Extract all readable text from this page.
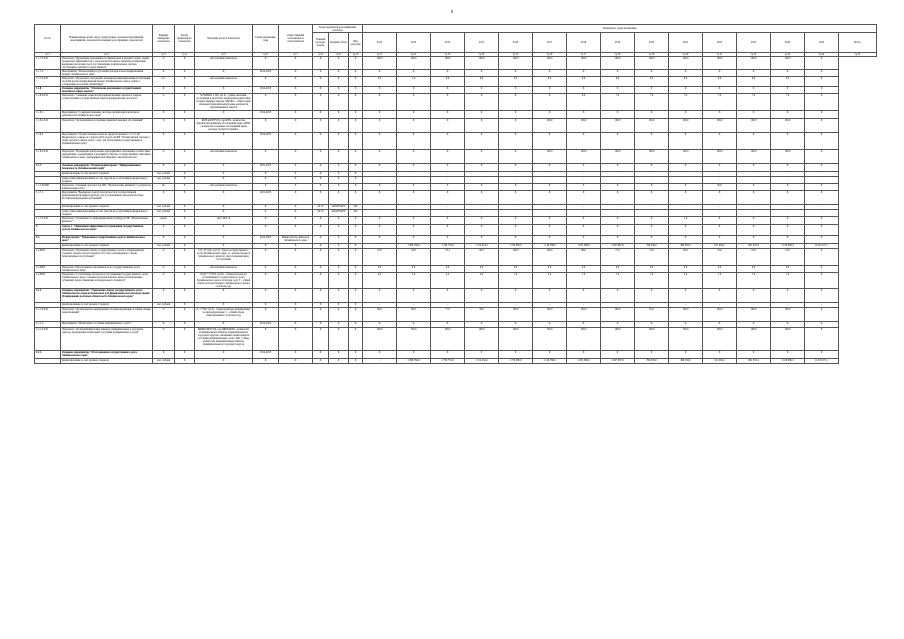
8
№ п/п	Наименование целей, задач, подпрограмм, основных мероприятий, мероприятий, показателей и индикаторов, функцию, показателей	Единица измерения показателя	Код/ф формального показателя	Методика расчета показателя	Сроки реализации, годы	Ответственный исполнитель и соисполнители	Коды бюджетной классификации расходов			Значения по годам реализации														
							Главный распоря-дитель	Целевая статья	Вид расходов	2012	2013	2014	2015	2016	2017	2018	2019	2020	2021	2022	2023	2024	2025	Итого
гр.1	гр.2	гр.3	гр.4	гр.5	гр.6	гр.7	гр.8	гр.9	гр.10	гр.11	гр.12	гр.13	гр.14	гр.15	гр.16	гр.17	гр.18	гр.19	гр.20	гр.21	гр.22	гр.23	гр.24	гр.25
1.1.7.5.0.01	Показатель "Процентная экономичность финансовых и целевых затрат, оценка бюджетной эффективности с учетом качества предоставления организации, внедрения налоговых льгот и установление подключенных органов обеспечения гарантий государственной"	%	Х	Абсолютный показатель	Х	Х	Х	Х	Х	100,0	100,0	100,0	100,0	100,0	100,0	100,0	100,0	100,0	100,0	100,0	100,0	100,0	Х	
1.1.7.2.	Мероприятие "Мобилизация поступлений доходов в консолидированный бюджет Забайкальского края"	Х	Х	Х	2014-2025	Х	Х	Х	Х	Х	Х	Х	Х	Х	Х	Х	Х	Х	Х	Х	Х	Х	Х	
1.1.7.2.0.01	Показатель "Процентное отклонение значения функционирования поступлений пособия в консолидированный бюджет Забайкальского края к сумме к соблюдению налоговой дисциплины"	п.п.	Х	Абсолютный показатель	Х	Х	Х	Х	Х	0,0	1,0	0,0	0,0	0,0	0,0	0,0	0,0	0,0	0,0	0,0	0,0	0,0	Х	
1.1.8.	Основное мероприятие "Обеспечение реализации государственной политики в сфере закупок"	Х	Х	Х	2014-2025	Х	Х	Х	Х	Х	Х	Х	Х	Х	Х	Х	Х	Х	Х	Х	Х	Х	Х	
1.1.8.0.0.01	Показатель "Снижение показателей рационализацию закупок и товаров осуществлению государственных закупок конкурентным способом"	%	Х	Sr/SMSRO х 100, где Sr - сумма экономии, полученная в результате проведения конкурсных государственных закупок; SMSRO - общая сумма начальной (максимальной) цены контрактов опубликованных закупок	Х	Х	Х	Х	Х	Х	Х	Х	Х	Х	Х	6,0	7,0	7,0	7,0	7,0	7,0	7,0	Х	
1.1.8.1.	Мероприятие "Совершенствование системы организации закупочной деятельности Забайкальского края"	Х	Х	Х	2014-2025	Х	Х	Х	Х	Х	Х	Х	Х	Х	Х	Х	Х	Х	Х	Х	Х	Х	Х	
1.1.8.1.0.01	Показатель "Доля принятых в практике принятых ценовых обоснований"	%	Х	RDN/qRDN*100, где RDN - количество фактически принятых обоснований цены; qRDN - количество поданных обоснований цены, которые требуется принять	Х	Х	Х	Х	Х	Х	Х	Х	Х	Х	100,0	100,0	100,0	100,0	100,0	100,0	100,0	100,0	Х	
1.1.8.2.	Мероприятие "Осуществление контроля, предусмотренного ч. 5 ст. 99 Федерального закона от 5 апреля 2013 года № 44-ФЗ "О контрактной системе в сфере закупок товаров, работ, услуг для обеспечения государственных и муниципальных нужд"	Х	Х	Х	2014-2025	Х	Х	Х	Х	Х	Х	Х	Х	Х	Х	Х	Х	Х	Х	Х	Х	Х	Х	
1.1.8.2.0.01	Показатель "Проведение контрольных мероприятий в отношении соответствия информации, содержащейся в документах закупок, государственных заказчиков Забайкальского края, требованиям действующего законодательства"	%	Х	Абсолютный показатель	Х	Х	Х	Х	Х	Х	Х	Х	Х	Х	100,0	100,0	100,0	100,0	100,0	100,0	100,0	100,0	Х	
1.1.7.	Основное мероприятие "Региональный проект "Информационная безопасность (Забайкальский край)"	Х	Х	Х	2021-2025	Х	Х	Х	Х	Х	Х	Х	Х	Х	Х	Х	Х	Х	Х	Х	Х	Х	Х	
	финансирование за счет краевого бюджета	тыс. рублей	Х	Х	Х	Х	Х	Х	Х	-	-	-	-	-	-	-	-	-	-	-	-	-	-	
	также сумма финансирования за счет средств не от источников федерального бюджета	тыс. рублей	Х	Х	Х	Х	Х	Х	Х	-	-	-	-	-	-	-	-	-	-	-	-	-	-	
1.1.7.00.000	Показатель "Сводный срок простоя ГИС "Региональные финансы"" в результате компьютерных атак"	час	Х	Абсолютный показатель	Х	Х	Х	Х	Х	Х	Х	Х	Х	Х	Х	Х	Х	Х	Х	50,0	Х	Х	Х	
1.1.7.1.	Мероприятие "Внедрение средств безопасности в государственной информационной инфраструктуре для установленных законодательством Российской Федерации требований"	Х	Х	Х	2021-2025	Х	Х	Х	Х	Х	Х	Х	Х	Х	Х	Х	Х	Х	Х	Х	Х	Х	Х	
	финансирование за счет краевого бюджета	тыс. рублей	Х	Х	Х	Х	04 10	01D4074970	242	-	-	-	-	-	-	-	-	-	-	-	-	-	-	
	также сумма финансирования за счет средств не от источников федерального бюджета	тыс. рублей	Х	Х	Х	Х	04 10	01D4074970	242	-	-	-	-	-	-	-	-	-	-	-	-	-	-	
1.1.7.1.0.01	Показатель "Оснащенность информационной структуры ГИС "Региональные финансы""	да/нет	Х	Да=1 Нет=0	Х	Х	Х	Х	Х	Х	Х	Х	Х	Х	Х	Х	Х	Х	1,0	Х	Х	Х	Х	
2.	Задача 2. "Повышение эффективности управления государственным долгом Забайкальского края"	Х	Х	Х	Х	Х	Х	Х	Х	Х	Х	Х	Х	Х	Х	Х	Х	Х	Х	Х	Х	Х	Х	
2.1.	Подпрограмма "Управление государственным долгом Забайкальского края"	Х	Х	Х	2014-2025	Министерство финансов Забайкальского края	Х	Х	Х	Х	Х	Х	Х	Х	Х	Х	Х	Х	Х	Х	Х	Х	Х	
	финансирование за счет краевого бюджета	тыс. рублей	Х	Х	Х	Х	Х	Х	Х	-	1 098 784,0	1 709 753,9	1 512 454,2	1 750 085,0	1 149 789,0	1 052 568,0	1 067 867,9	760 439,0	498 584,5	911 004,2	891 033,4	1 018 989,3	12 915 671,1	
1.2.0001	Показатель "Отношение объема государственного долга к утвержденному годовому объему доходов бюджета без учета утвержденного объема безвозмездных поступлений"	%	Х	ГД / Д* 100, где ГД - объем государственного долга Забайкальского края; Д - доходы бюджета Забайкальского края без учета безвозмездных поступлений	Х	Х	Х	Х	Х	47,0	79,0	79,1	90,0	100,0	100,0	89,0	77,0	73,0	62,0	55,0	55,0	55,0	Х	
1.2.0002	Показатель "Просроченная задолженность по государственному долгу Забайкальского края"	%	Х	Абсолютный показатель	Х	Х	Х	Х	Х	0,0	0,0	0,0	0,0	0,0	0,0	0,0	0,0	0,0	0,0	0,0	0,0	0,0	Х	
1.2.0003	Показатель "Соотношение расходов на обслуживание государственного долга Забайкальского края с объемом расходов бюджета края (за исключением субвенций, предоставляемых из федерального бюджета)"	%	Х	Ро/Рс * Т*100, где Ро - объем расходов на обслуживание государственного долга Забайкальского края в отчетном году; Т - общий объем расходов бюджета Забайкальского края в отчетном году	Х	Х	Х	Х	Х	0,9	1,6	2,3	4,0	7,0	7,0	7,0	7,0	7,0	7,0	7,0	7,0	7,0	Х	
2.1.1.	Основное мероприятие "Управление объема государственного долга Забайкальского края на безопасном для финансовой системы края уровне. Планирование долговых обязательств Забайкальского края"	Х	Х	Х	Х	Х	Х	Х	Х	Х	Х	Х	Х	Х	Х	Х	Х	Х	Х	Х	Х	Х	Х	
	финансирование за счет краевого бюджета	тыс. рублей	Х	Х	Х	Х	Х	Х	Х	-	-	-	-	-	-	-	-	-	-	-	-	-	-	
2.1.1.0.0.01	Показатель "Доля кредитов, направленных на переоформление, в общем объеме заимствований"	%	Х	К / 1*100, где К - объем кредитов, направленных на переоформление; 1 - общий объем заимствований в отчетном году	Х	Х	Х	Х	Х	60,0	80,0	77,0	78,0	100,0	100,0	100,0	100,0	97,0	100,0	100,0	100,0	100,0	Х	
2.1.1.2.	Мероприятие "Мониторинг состояния муниципального долга"	Х	Х	Х	2014-2025	Х	Х	Х	Х	Х	Х	Х	Х	Х	Х	Х	Х	Х	Х	Х	Х	Х	Х	
1.2.1.2.0.01	Показатель "Доля муниципальных районов, муниципальных и городских округов, проведенных мониторинг состояния муниципального долга"	%	Х	MRMO/MO*100, где MRMO/MO - количество муниципальных районов, муниципальных и городских округов, охваченных мониторингом состояния муниципального долга; MO - общее количество муниципальных районов, муниципальных и городских округов	Х	Х	Х	Х	Х	100,0	100,0	100,0	100,0	100,0	100,0	100,0	100,0	100,0	100,0	100,0	100,0	100,0	Х	
2.2.1.	Основное мероприятие "Обслуживание государственного долга Забайкальского края"	Х	Х	Х	2014-2025	Х	Х	Х	Х	Х	Х	Х	Х	Х	Х	Х	Х	Х	Х	Х	Х	Х	Х	
	финансирование за счет краевого бюджета	тыс. рублей	Х	Х	Х	Х	Х	Х	Х	-	1 098 784,0	1 709 753,9	1 512 454,2	1 750 085,0	1 149 789,0	1 052 568,0	1 067 867,9	760 439,0	498 584,5	911 004,2	891 033,4	1 018 989,3	12 915 671,1	
